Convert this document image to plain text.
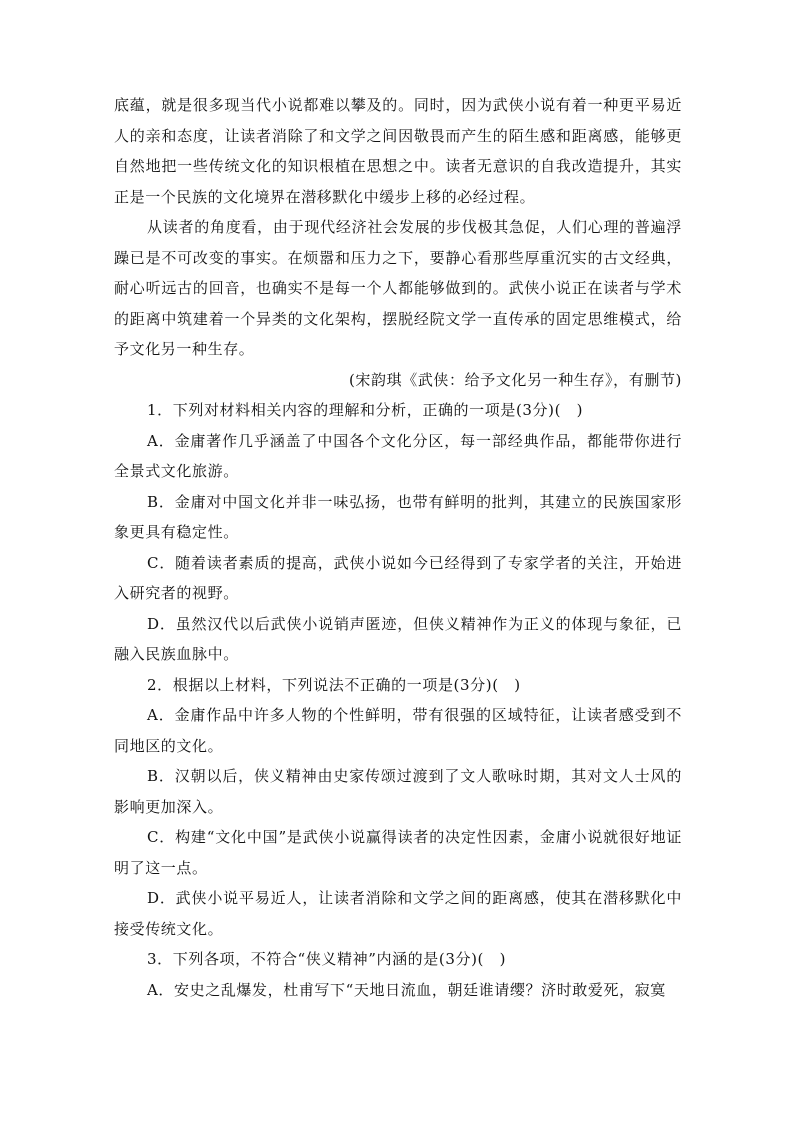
底蕴，就是很多现当代小说都难以攀及的。同时，因为武侠小说有着一种更平易近人的亲和态度，让读者消除了和文学之间因敬畏而产生的陌生感和距离感，能够更自然地把一些传统文化的知识根植在思想之中。读者无意识的自我改造提升，其实正是一个民族的文化境界在潜移默化中缓步上移的必经过程。

从读者的角度看，由于现代经济社会发展的步伐极其急促，人们心理的普遍浮躁已是不可改变的事实。在烦嚣和压力之下，要静心看那些厚重沉实的古文经典，耐心听远古的回音，也确实不是每一个人都能够做到的。武侠小说正在读者与学术的距离中筑建着一个异类的文化架构，摆脱经院文学一直传承的固定思维模式，给予文化另一种生存。

(宋韵琪《武侠：给予文化另一种生存》，有删节)

1．下列对材料相关内容的理解和分析，正确的一项是(3分)(　)

A．金庸著作几乎涵盖了中国各个文化分区，每一部经典作品，都能带你进行全景式文化旅游。

B．金庸对中国文化并非一味弘扬，也带有鲜明的批判，其建立的民族国家形象更具有稳定性。

C．随着读者素质的提高，武侠小说如今已经得到了专家学者的关注，开始进入研究者的视野。

D．虽然汉代以后武侠小说销声匿迹，但侠义精神作为正义的体现与象征，已融入民族血脉中。

2．根据以上材料，下列说法不正确的一项是(3分)(　)

A．金庸作品中许多人物的个性鲜明，带有很强的区域特征，让读者感受到不同地区的文化。

B．汉朝以后，侠义精神由史家传颂过渡到了文人歌咏时期，其对文人士风的影响更加深入。

C．构建“文化中国”是武侠小说赢得读者的决定性因素，金庸小说就很好地证明了这一点。

D．武侠小说平易近人，让读者消除和文学之间的距离感，使其在潜移默化中接受传统文化。

3．下列各项，不符合“侠义精神”内涵的是(3分)(　)

A．安史之乱爆发，杜甫写下“天地日流血，朝廷谁请缨？济时敢爱死，寂寞
